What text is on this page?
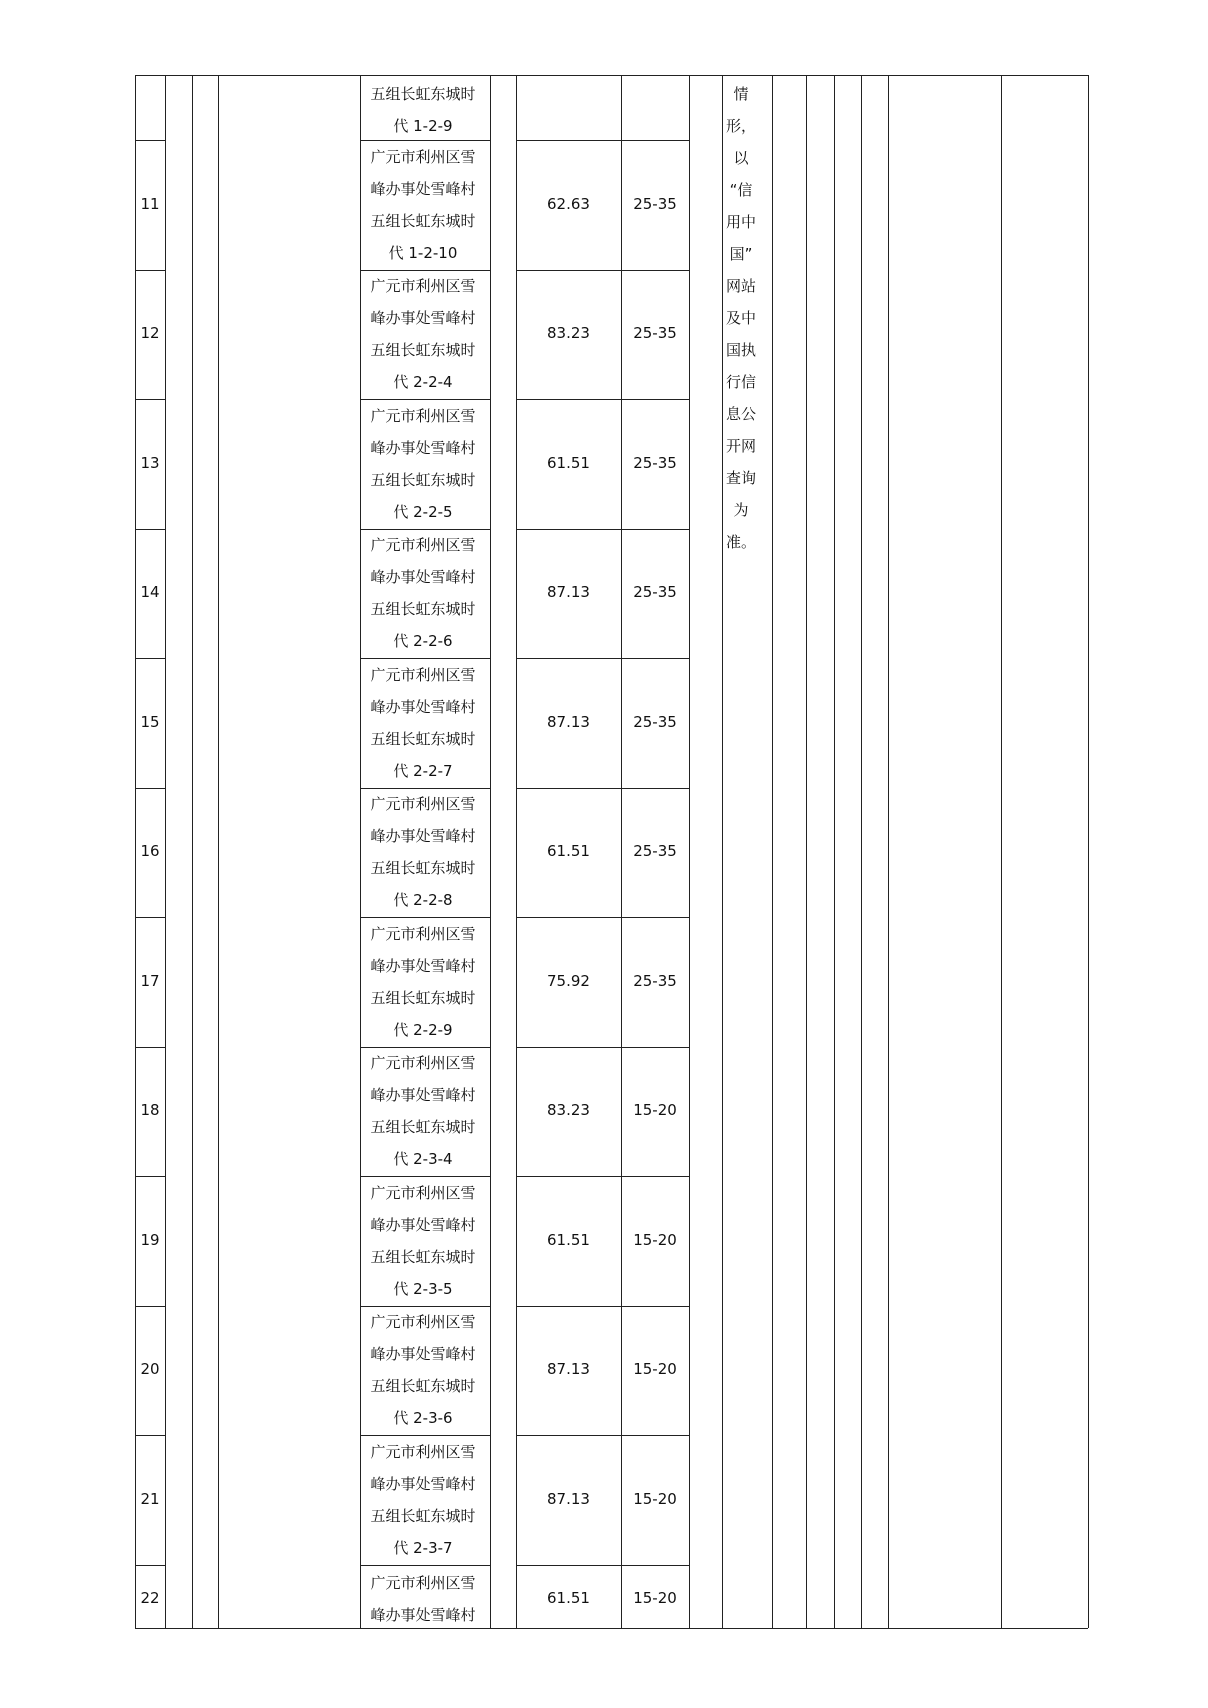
五组长虹东城时
代 1-2-9
广元市利州区雪
峰办事处雪峰村
五组长虹东城时
代 1-2-10
11	62.63	25-35
广元市利州区雪
峰办事处雪峰村
五组长虹东城时
代 2-2-4
12	83.23	25-35
广元市利州区雪
峰办事处雪峰村
五组长虹东城时
代 2-2-5
13	61.51	25-35
广元市利州区雪
峰办事处雪峰村
五组长虹东城时
代 2-2-6
14	87.13	25-35
广元市利州区雪
峰办事处雪峰村
五组长虹东城时
代 2-2-7
15	87.13	25-35
广元市利州区雪
峰办事处雪峰村
五组长虹东城时
代 2-2-8
16	61.51	25-35
广元市利州区雪
峰办事处雪峰村
五组长虹东城时
代 2-2-9
17	75.92	25-35
广元市利州区雪
峰办事处雪峰村
五组长虹东城时
代 2-3-4
18	83.23	15-20
广元市利州区雪
峰办事处雪峰村
五组长虹东城时
代 2-3-5
19	61.51	15-20
广元市利州区雪
峰办事处雪峰村
五组长虹东城时
代 2-3-6
20	87.13	15-20
广元市利州区雪
峰办事处雪峰村
五组长虹东城时
代 2-3-7
21	87.13	15-20
广元市利州区雪
峰办事处雪峰村
22	61.51	15-20
情
形，
以
“信
用中
国”
网站
及中
国执
行信
息公
开网
查询
为
准。
